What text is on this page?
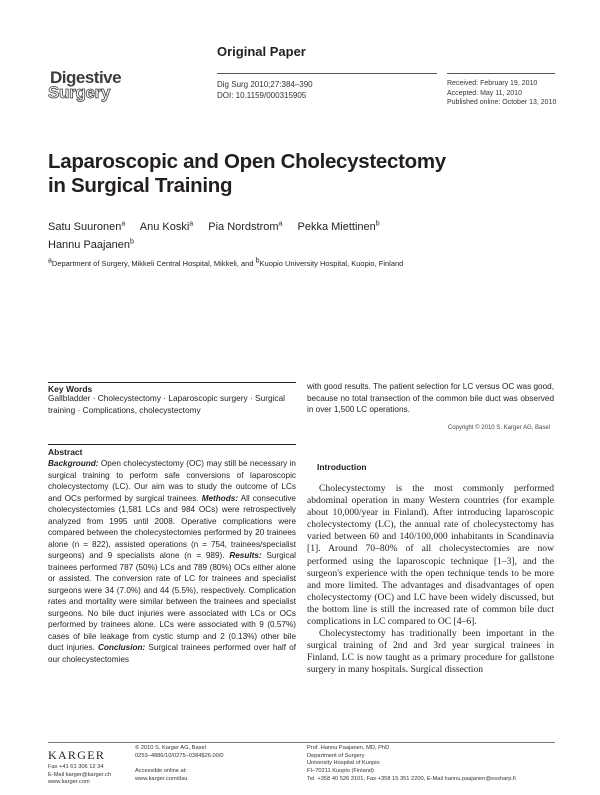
Digestive
Surgery
Original Paper
Dig Surg 2010;27:384–390
DOI: 10.1159/000315905
Received: February 19, 2010
Accepted: May 11, 2010
Published online: October 13, 2010
Laparoscopic and Open Cholecystectomy
in Surgical Training
Satu Suuronen$^a$ Anu Koski$^a$ Pia Nordstrom$^a$ Pekka Miettinen$^b$
Hannu Paajanen$^b$
$^a$Department of Surgery, Mikkeli Central Hospital, Mikkeli, and $^b$Kuopio University Hospital, Kuopio, Finland
Key Words
Gallbladder · Cholecystectomy · Laparoscopic surgery · Surgical training · Complications, cholecystectomy
Abstract
Background: Open cholecystectomy (OC) may still be necessary in surgical training to perform safe conversions of laparoscopic cholecystectomy (LC). Our aim was to study the outcome of LCs and OCs performed by surgical trainees. Methods: All consecutive cholecystectomies (1,581 LCs and 984 OCs) were retrospectively analyzed from 1995 until 2008. Operative complications were compared between the cholecystectomies performed by 20 trainees alone (n = 822), assisted operations (n = 754, trainees/specialist surgeons) and 9 specialists alone (n = 989). Results: Surgical trainees performed 787 (50%) LCs and 789 (80%) OCs either alone or assisted. The conversion rate of LC for trainees and specialist surgeons were 34 (7.0%) and 44 (5.5%), respectively. Complication rates and mortality were similar between the trainees and specialist surgeons. No bile duct injuries were associated with LCs or OCs performed by trainees alone. LCs were associated with 9 (0.57%) cases of bile leakage from cystic stump and 2 (0.13%) other bile duct injuries. Conclusion: Surgical trainees performed over half of our cholecystectomies
with good results. The patient selection for LC versus OC was good, because no total transection of the common bile duct was observed in over 1,500 LC operations.
Copyright © 2010 S. Karger AG, Basel
Introduction

Cholecystectomy is the most commonly performed abdominal operation in many Western countries (for example about 10,000/year in Finland). After introducing laparoscopic cholecystectomy (LC), the annual rate of cholecystectomy has varied between 60 and 140/100,000 inhabitants in Scandinavia [1]. Around 70–80% of all cholecystectomies are now performed using the laparoscopic technique [1–3], and the surgeon's experience with the open technique tends to be more and more limited. The advantages and disadvantages of open cholecystectomy (OC) and LC have been widely discussed, but the bottom line is still the increased rate of common bile duct complications in LC compared to OC [4–6].

Cholecystectomy has traditionally been important in the surgical training of 2nd and 3rd year surgical trainees in Finland. LC is now taught as a primary procedure for gallstone surgery in many hospitals. Surgical dissection

KARGER
Fax +41 61 306 12 34
E-Mail karger@karger.ch
www.karger.com
© 2010 S. Karger AG, Basel
0253–4886/10/0275–0384$26.00/0
Accessible online at:
www.karger.com/dsu
Prof. Hannu Paajanen, MD, PhD
Department of Surgery
University Hospital of Kuopio
FI–70211 Kuopio (Finland)
Tel. +358 40 526 3101, Fax +358 15 351 2200, E-Mail hannu.paajanen@essharp.fi
